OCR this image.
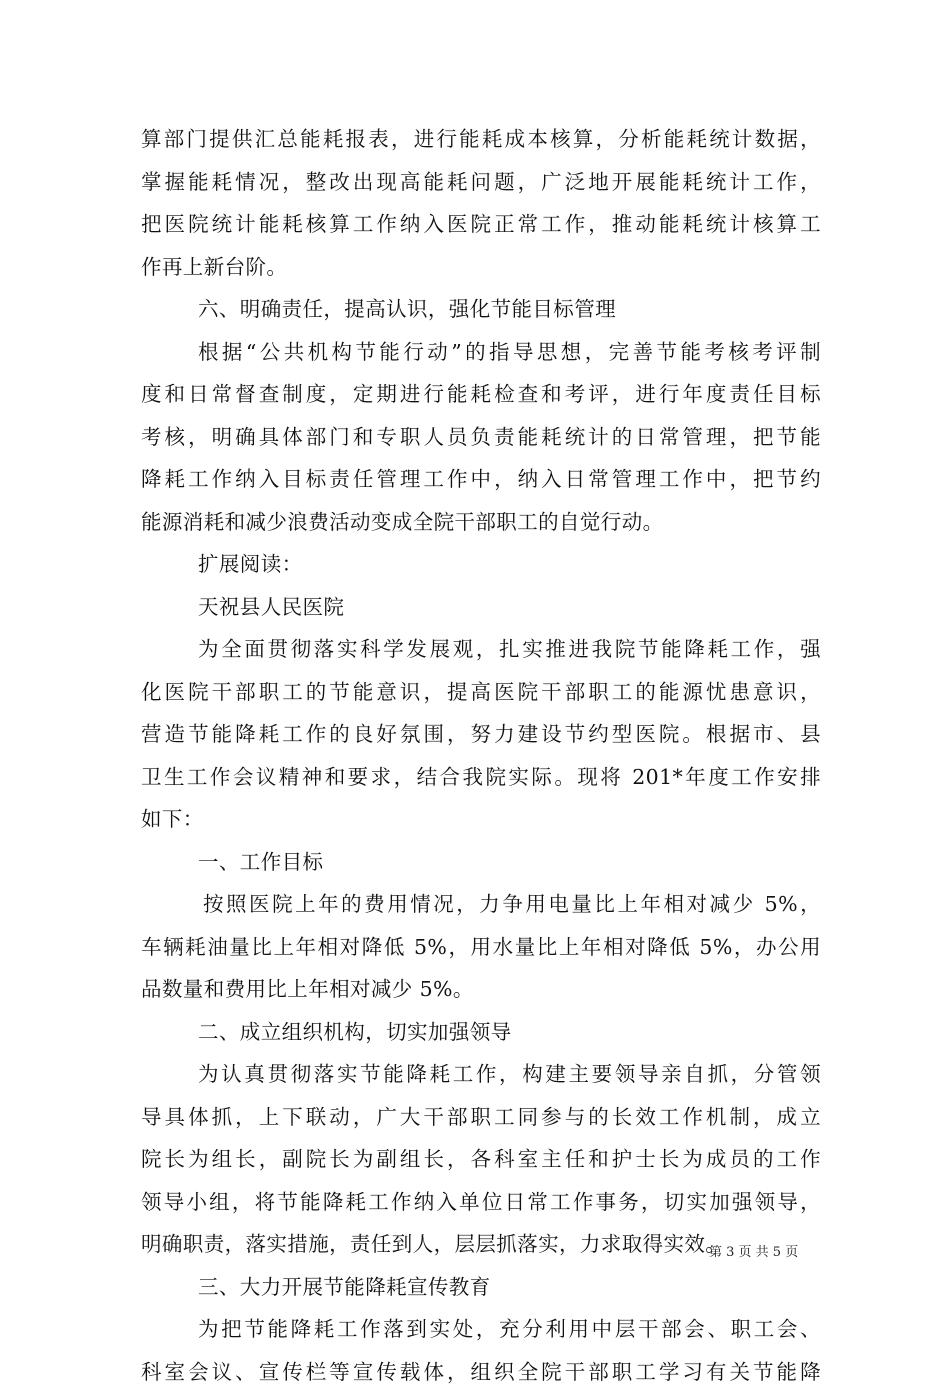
算部门提供汇总能耗报表，进行能耗成本核算，分析能耗统计数据，
掌握能耗情况，整改出现高能耗问题，广泛地开展能耗统计工作，
把医院统计能耗核算工作纳入医院正常工作，推动能耗统计核算工
作再上新台阶。
六、明确责任，提高认识，强化节能目标管理
根据“公共机构节能行动”的指导思想，完善节能考核考评制
度和日常督查制度，定期进行能耗检查和考评，进行年度责任目标
考核，明确具体部门和专职人员负责能耗统计的日常管理，把节能
降耗工作纳入目标责任管理工作中，纳入日常管理工作中，把节约
能源消耗和减少浪费活动变成全院干部职工的自觉行动。
扩展阅读：
天祝县人民医院
为全面贯彻落实科学发展观，扎实推进我院节能降耗工作，强
化医院干部职工的节能意识，提高医院干部职工的能源忧患意识，
营造节能降耗工作的良好氛围，努力建设节约型医院。根据市、县
卫生工作会议精神和要求，结合我院实际。现将 201*年度工作安排
如下：
一、工作目标
按照医院上年的费用情况，力争用电量比上年相对减少 5%，
车辆耗油量比上年相对降低 5%，用水量比上年相对降低 5%，办公用
品数量和费用比上年相对减少 5%。
二、成立组织机构，切实加强领导
为认真贯彻落实节能降耗工作，构建主要领导亲自抓，分管领
导具体抓，上下联动，广大干部职工同参与的长效工作机制，成立
院长为组长，副院长为副组长，各科室主任和护士长为成员的工作
领导小组，将节能降耗工作纳入单位日常工作事务，切实加强领导，
明确职责，落实措施，责任到人，层层抓落实，力求取得实效。
三、大力开展节能降耗宣传教育
为把节能降耗工作落到实处，充分利用中层干部会、职工会、
科室会议、宣传栏等宣传载体，组织全院干部职工学习有关节能降
第 3 页 共 5 页
